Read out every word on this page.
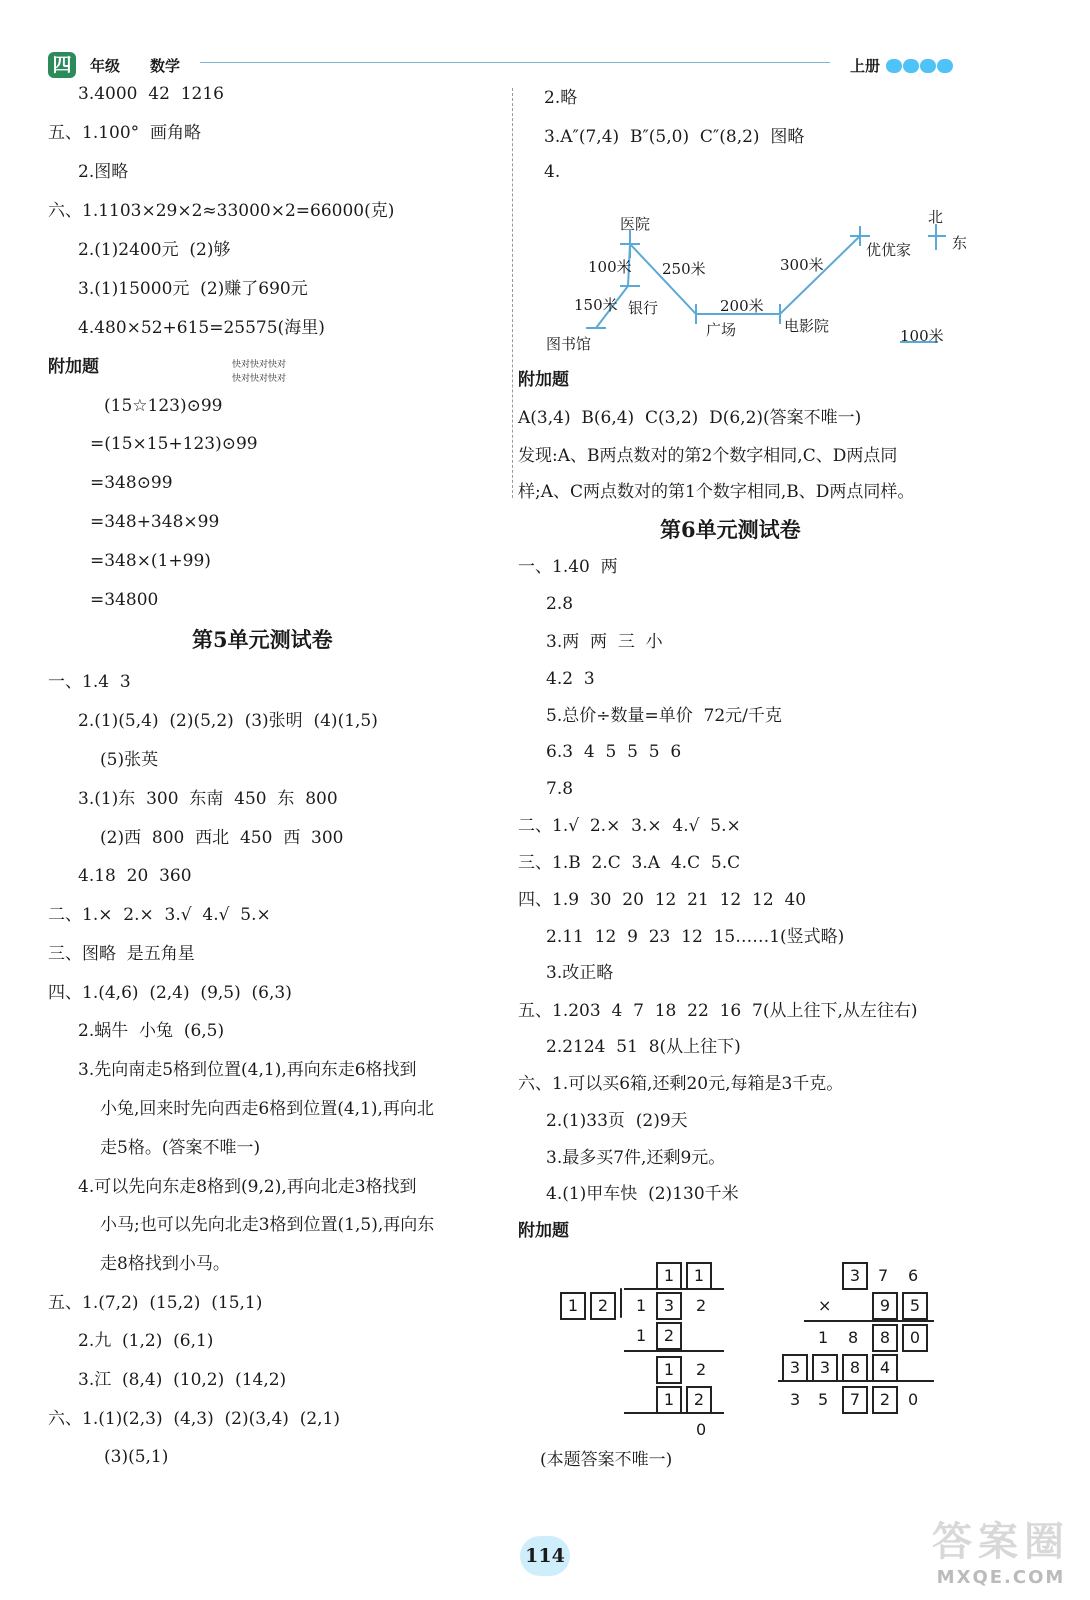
四	年级 数学	上册
3.4000  42  1216
五、1.100°  画角略
2.图略
六、1.1103×29×2≈33000×2=66000(克)
2.(1)2400元  (2)够
3.(1)15000元  (2)赚了690元
4.480×52+615=25575(海里)
附加题
(15☆123)⊙99
=(15×15+123)⊙99
=348⊙99
=348+348×99
=348×(1+99)
=34800
一、1.4  3
2.(1)(5,4)  (2)(5,2)  (3)张明  (4)(1,5)
(5)张英
3.(1)东  300  东南  450  东  800
(2)西  800  西北  450  西  300
4.18  20  360
二、1.×  2.×  3.√  4.√  5.×
三、图略  是五角星
四、1.(4,6)  (2,4)  (9,5)  (6,3)
2.蜗牛  小兔  (6,5)
3.先向南走5格到位置(4,1),再向东走6格找到
小兔,回来时先向西走6格到位置(4,1),再向北
走5格。(答案不唯一)
4.可以先向东走8格到(9,2),再向北走3格找到
小马;也可以先向北走3格到位置(1,5),再向东
走8格找到小马。
五、1.(7,2)  (15,2)  (15,1)
2.九  (1,2)  (6,1)
3.江  (8,4)  (10,2)  (14,2)
六、1.(1)(2,3)  (4,3)  (2)(3,4)  (2,1)
(3)(5,1)
第5单元测试卷
快对快对快对
快对快对快对
2.略
3.A″(7,4)  B″(5,0)  C″(8,2)  图略
4.
附加题
A(3,4)  B(6,4)  C(3,2)  D(6,2)(答案不唯一)
发现:A、B两点数对的第2个数字相同,C、D两点同
样;A、C两点数对的第1个数字相同,B、D两点同样。
一、1.40  两
2.8
3.两  两  三  小
4.2  3
5.总价÷数量=单价  72元/千克
6.3  4  5  5  5  6
7.8
二、1.√  2.×  3.×  4.√  5.×
三、1.B  2.C  3.A  4.C  5.C
四、1.9  30  20  12  21  12  12  40
2.11  12  9  23  12  15……1(竖式略)
3.改正略
五、1.203  4  7  18  22  16  7(从上往下,从左往右)
2.2124  51  8(从上往下)
六、1.可以买6箱,还剩20元,每箱是3千克。
2.(1)33页  (2)9天
3.最多买7件,还剩9元。
4.(1)甲车快  (2)130千米
附加题
(本题答案不唯一)
第6单元测试卷
医院
100米 250米
150米 银行	200米
300米
优优家
广场	电影院
图书馆	100米
北
东
1	1
1	2	1	3	2
1	2
1	2
1	2
0
3	7 6
×	9	5
1 8	8	0
3	3	8	4
3 5	7	2	0
114	答案圈
MXQE.COM
